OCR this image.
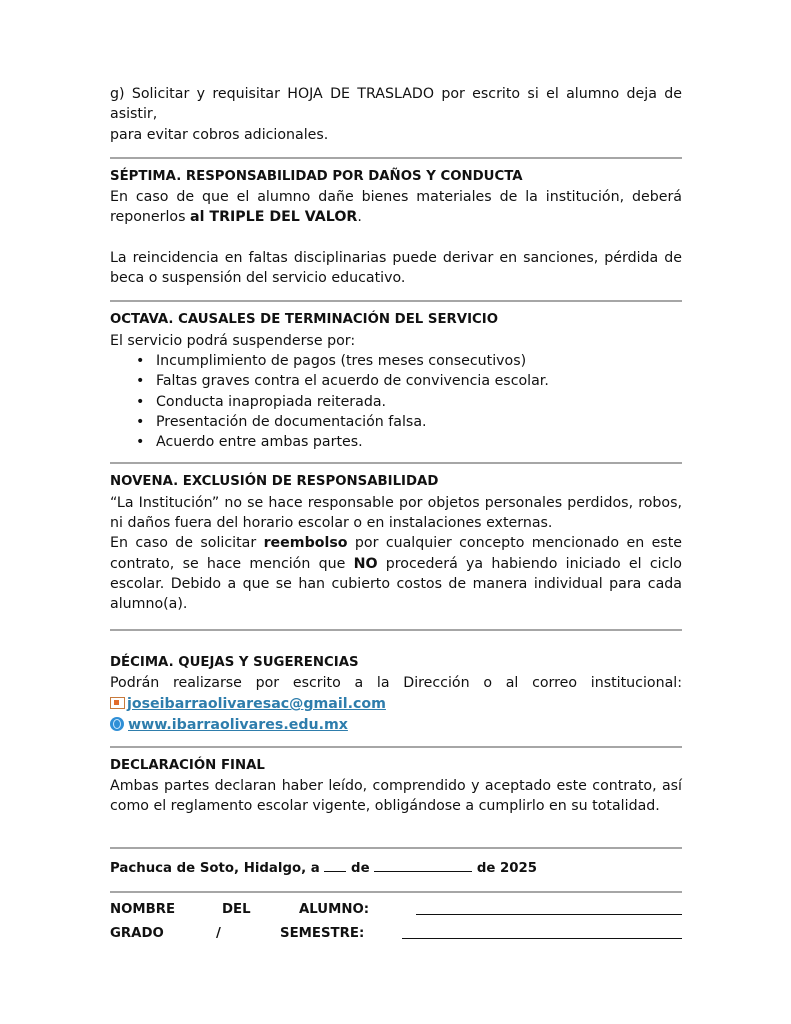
g) Solicitar y requisitar HOJA DE TRASLADO por escrito si el alumno deja de asistir,

para evitar cobros adicionales.

SÉPTIMA. RESPONSABILIDAD POR DAÑOS Y CONDUCTA

En caso de que el alumno dañe bienes materiales de la institución, deberá

reponerlos al TRIPLE DEL VALOR.

La reincidencia en faltas disciplinarias puede derivar en sanciones, pérdida de beca o suspensión del servicio educativo.

OCTAVA. CAUSALES DE TERMINACIÓN DEL SERVICIO

El servicio podrá suspenderse por:

• Incumplimiento de pagos (tres meses consecutivos)
• Faltas graves contra el acuerdo de convivencia escolar.
• Conducta inapropiada reiterada.
• Presentación de documentación falsa.
• Acuerdo entre ambas partes.

NOVENA. EXCLUSIÓN DE RESPONSABILIDAD

“La Institución” no se hace responsable por objetos personales perdidos, robos, ni daños fuera del horario escolar o en instalaciones externas.

En caso de solicitar reembolso por cualquier concepto mencionado en este contrato, se hace mención que NO procederá ya habiendo iniciado el ciclo escolar. Debido a que se han cubierto costos de manera individual para cada alumno(a).

DÉCIMA. QUEJAS Y SUGERENCIAS

Podrán realizarse por escrito a la Dirección o al correo institucional:

joseibarraolivaresac@gmail.com

www.ibarraolivares.edu.mx

DECLARACIÓN FINAL

Ambas partes declaran haber leído, comprendido y aceptado este contrato, así como el reglamento escolar vigente, obligándose a cumplirlo en su totalidad.

Pachuca de Soto, Hidalgo, a de	de 2025

NOMBRE	DEL	ALUMNO:
GRADO	/	SEMESTRE:
